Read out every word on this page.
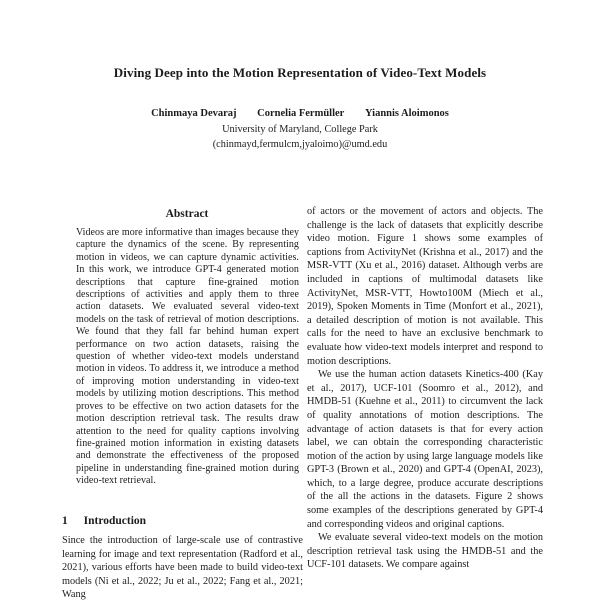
Diving Deep into the Motion Representation of Video-Text Models
Chinmaya Devaraj Cornelia Fermüller Yiannis Aloimonos
University of Maryland, College Park
(chinmayd,fermulcm,jyaloimo)@umd.edu
Abstract

Videos are more informative than images because they capture the dynamics of the scene. By representing motion in videos, we can capture dynamic activities. In this work, we introduce GPT-4 generated motion descriptions that capture fine-grained motion descriptions of activities and apply them to three action datasets. We evaluated several video-text models on the task of retrieval of motion descriptions. We found that they fall far behind human expert performance on two action datasets, raising the question of whether video-text models understand motion in videos. To address it, we introduce a method of improving motion understanding in video-text models by utilizing motion descriptions. This method proves to be effective on two action datasets for the motion description retrieval task. The results draw attention to the need for quality captions involving fine-grained motion information in existing datasets and demonstrate the effectiveness of the proposed pipeline in understanding fine-grained motion during video-text retrieval.

1 Introduction

Since the introduction of large-scale use of contrastive learning for image and text representation (Radford et al., 2021), various efforts have been made to build video-text models (Ni et al., 2022; Ju et al., 2022; Fang et al., 2021; Wang

of actors or the movement of actors and objects. The challenge is the lack of datasets that explicitly describe video motion. Figure 1 shows some examples of captions from ActivityNet (Krishna et al., 2017) and the MSR-VTT (Xu et al., 2016) dataset. Although verbs are included in captions of multimodal datasets like ActivityNet, MSR-VTT, Howto100M (Miech et al., 2019), Spoken Moments in Time (Monfort et al., 2021), a detailed description of motion is not available. This calls for the need to have an exclusive benchmark to evaluate how video-text models interpret and respond to motion descriptions.

We use the human action datasets Kinetics-400 (Kay et al., 2017), UCF-101 (Soomro et al., 2012), and HMDB-51 (Kuehne et al., 2011) to circumvent the lack of quality annotations of motion descriptions. The advantage of action datasets is that for every action label, we can obtain the corresponding characteristic motion of the action by using large language models like GPT-3 (Brown et al., 2020) and GPT-4 (OpenAI, 2023), which, to a large degree, produce accurate descriptions of the all the actions in the datasets. Figure 2 shows some examples of the descriptions generated by GPT-4 and corresponding videos and original captions.

We evaluate several video-text models on the motion description retrieval task using the HMDB-51 and the UCF-101 datasets. We compare against
